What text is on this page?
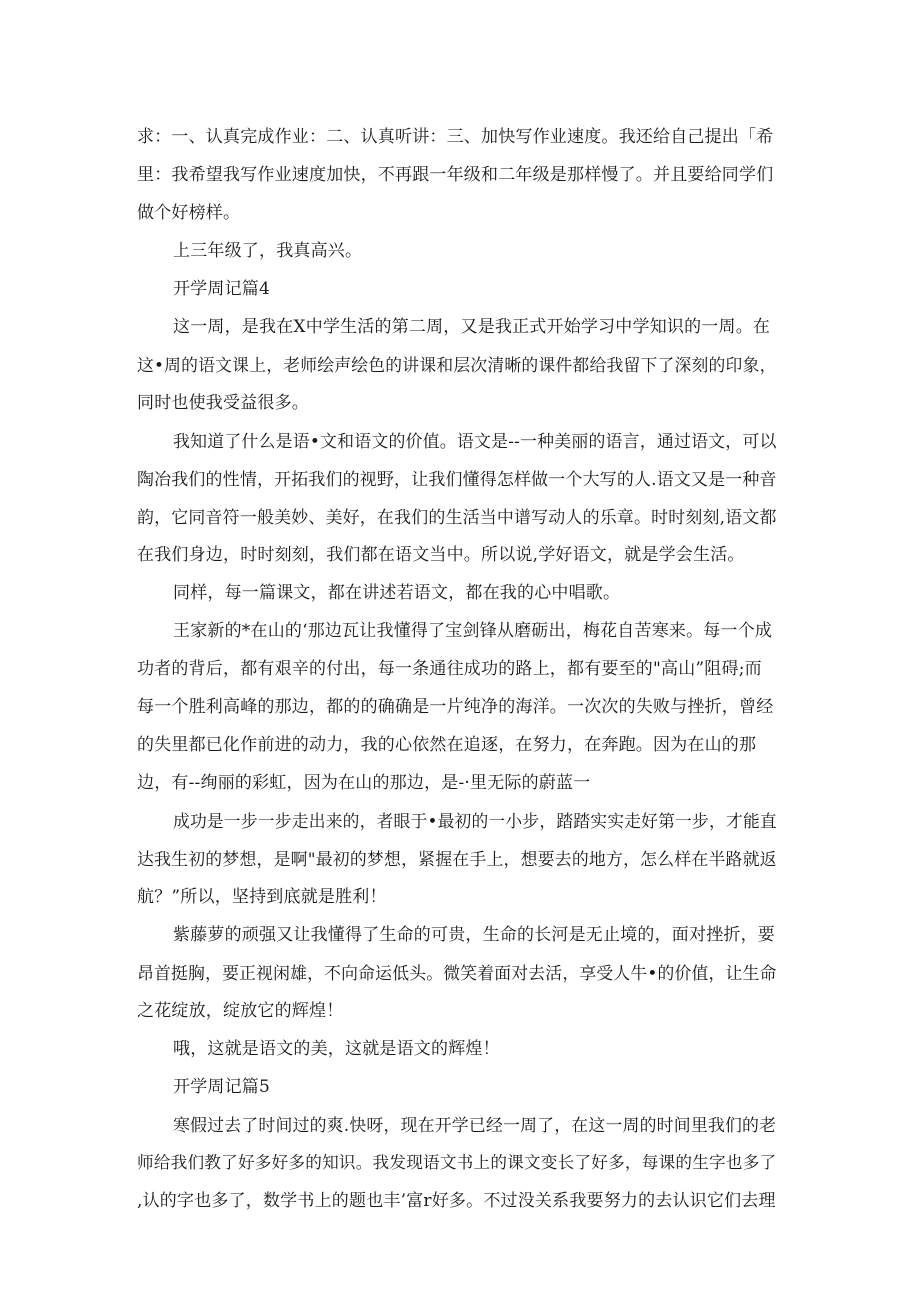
求：一、认真完成作业：二、认真听讲：三、加快写作业速度。我还给自己提出「希
里：我希望我写作业速度加快，不再跟一年级和二年级是那样慢了。并且要给同学们
做个好榜样。
上三年级了，我真高兴。
开学周记篇4
这一周，是我在X中学生活的第二周，又是我正式开始学习中学知识的一周。在
这•周的语文课上，老师绘声绘色的讲课和层次清晰的课件都给我留下了深刻的印象，
同时也使我受益很多。
我知道了什么是语•文和语文的价值。语文是--一种美丽的语言，通过语文，可以
陶冶我们的性情，开拓我们的视野，让我们懂得怎样做一个大写的人.语文又是一种音
韵，它同音符一般美妙、美好，在我们的生活当中谱写动人的乐章。时时刻刻,语文都
在我们身边，时时刻刻，我们都在语文当中。所以说,学好语文，就是学会生活。
同样，每一篇课文，都在讲述若语文，都在我的心中唱歌。
王家新的*在山的‘那边瓦让我懂得了宝剑锋从磨砺出，梅花自苦寒来。每一个成
功者的背后，都有艰辛的付出，每一条通往成功的路上，都有要至的"高山”阻碍;而
每一个胜利高峰的那边，都的的确确是一片纯净的海洋。一次次的失败与挫折，曾经
的失里都已化作前进的动力，我的心依然在追逐，在努力，在奔跑。因为在山的那
边，有--绚丽的彩虹，因为在山的那边，是-·里无际的蔚蓝一
成功是一步一步走出来的，者眼于•最初的一小步，踏踏实实走好第一步，才能直
达我生初的梦想，是啊"最初的梦想，紧握在手上，想要去的地方，怎么样在半路就返
航？”所以，坚持到底就是胜利！
紫藤萝的顽强又让我懂得了生命的可贵，生命的长河是无止境的，面对挫折，要
昂首挺胸，要正视闲雄，不向命运低头。微笑着面对去活，享受人牛•的价值，让生命
之花绽放，绽放它的辉煌！
哦，这就是语文的美，这就是语文的辉煌！
开学周记篇5
寒假过去了时间过的爽.快呀，现在开学已经一周了，在这一周的时间里我们的老
师给我们教了好多好多的知识。我发现语文书上的课文变长了好多，每课的生字也多了
,认的字也多了，数学书上的题也丰’富r好多。不过没关系我要努力的去认识它们去理
